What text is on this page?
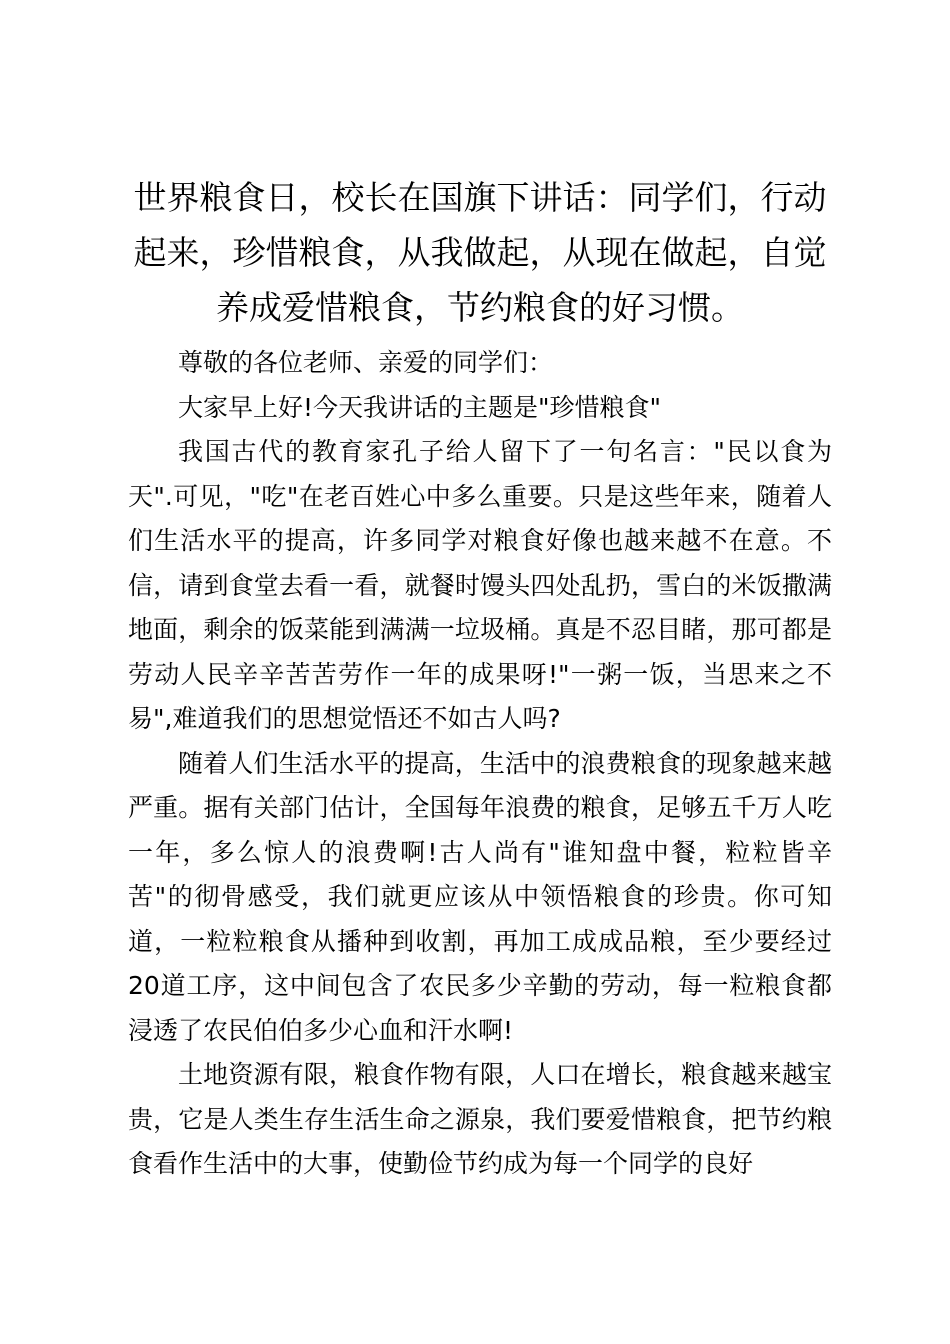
世界粮食日，校长在国旗下讲话：同学们，行动起来，珍惜粮食，从我做起，从现在做起，自觉养成爱惜粮食，节约粮食的好习惯。

尊敬的各位老师、亲爱的同学们：

大家早上好!今天我讲话的主题是"珍惜粮食"

我国古代的教育家孔子给人留下了一句名言："民以食为天".可见，"吃"在老百姓心中多么重要。只是这些年来，随着人们生活水平的提高，许多同学对粮食好像也越来越不在意。不信，请到食堂去看一看，就餐时馒头四处乱扔，雪白的米饭撒满地面，剩余的饭菜能到满满一垃圾桶。真是不忍目睹，那可都是劳动人民辛辛苦苦劳作一年的成果呀!"一粥一饭，当思来之不易",难道我们的思想觉悟还不如古人吗?

随着人们生活水平的提高，生活中的浪费粮食的现象越来越严重。据有关部门估计，全国每年浪费的粮食，足够五千万人吃一年，多么惊人的浪费啊!古人尚有"谁知盘中餐，粒粒皆辛苦"的彻骨感受，我们就更应该从中领悟粮食的珍贵。你可知道，一粒粒粮食从播种到收割，再加工成成品粮，至少要经过20道工序，这中间包含了农民多少辛勤的劳动，每一粒粮食都浸透了农民伯伯多少心血和汗水啊!

土地资源有限，粮食作物有限，人口在增长，粮食越来越宝贵，它是人类生存生活生命之源泉，我们要爱惜粮食，把节约粮食看作生活中的大事，使勤俭节约成为每一个同学的良好
